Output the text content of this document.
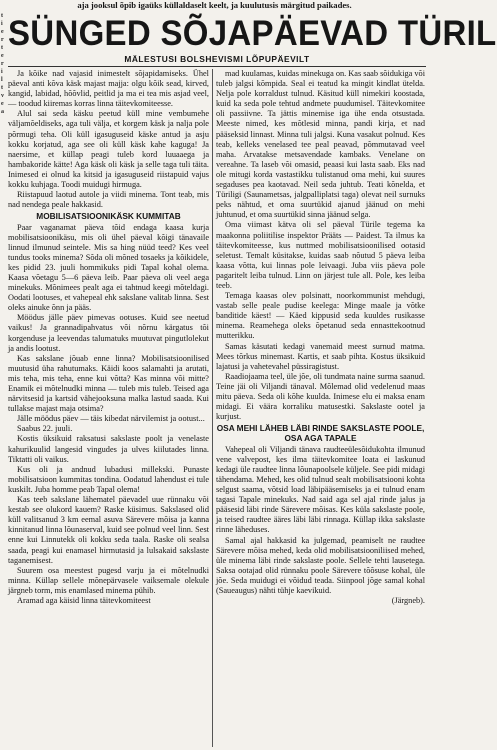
aja jooksul õpib igaüks küllaldaselt keelt, ja kuulutusis märgitud paikades.
t
i
e
r
t
e
r
i
l
t
v
e
a
SÜNGED SÕJAPÄEVAD TÜRIL
MÄLESTUSI BOLSHEVISMI LÕPUPÄEVILT

Ja kõike nad vajasid inimestelt sõjapidamiseks. Ühel päeval anti kõva käsk majast majja: olgu kõik sead, kirved, kangid, labidad, hõõvlid, peitlid ja ma ei tea mis asjad veel, — toodud kiiremas korras linna täitevkomiteesse.

Alul sai seda käsku peetud küll mine vembumehe väljamõeldiseks, aga tuli välja, et korgem käsk ja nalja pole põrmugi teha. Oli küll igasuguseid käske antud ja asju kokku korjatud, aga see oli küll käsk kahe kaguga! Ja naersime, et küllap peagi tuleb kord luuaaega ja hambakoride kätte! Aga käsk oli käsk ja selle taga tuli täita. Inimesed ei olnud ka kitsid ja igasuguseid riistapuid vajus kokku kuhjaga. Toodi muidugi hirmuga.

Riistapuud laotud autole ja viidi minema. Tont teab, mis nad nendega peale hakkasid.

MOBILISATSIOONIKÄSK KUMMITAB

Paar vaganamat päeva tõid endaga kaasa kurja mobilisatsioonikäsu, mis oli ühel päeval kõigi tänavaile linnud ilmunud seintele. Mis sa hing nüüd teed? Kes veel tundus tooks minema? Sõda oli mõned tosaeks ja kõikidele, kes pidid 23. juuli hommikuks pidi Tapal kohal olema. Kaasa võetagu 5—6 päeva leib. Paar päeva oli veel aega minekuks. Mõnimees pealt aga ei tahtnud keegi mõteldagi. Oodati lootuses, et vahepeal ehk sakslane valitab linna. Sest oleks ainuke õnn ja pääs.

Möödus jälle päev pimevas ootuses. Kuid see neetud vaikus! Ja grannadipahvatus või nõrnu kärgatus tõi korgenduse ja leevendas talumatuks muutuvat pingutlolekut ja andis lootust.

Kas sakslane jõuab enne linna? Mobilisatsioonilised muutusid üha rahutumaks. Käidi koos salamahti ja arutati, mis teha, mis teha, enne kui võtta? Kas minna või mitte? Enamik ei mõtelnudki minna — tuleb mis tuleb. Teised aga närvitsesid ja kartsid vähejooksuna malka lastud saada. Kui tullakse majast maja otsima?

Jälle möödus päev — täis kibedat närvilemist ja ootust...

Saabus 22. juuli.

Kostis üksikuid raksatusi sakslaste poolt ja venelaste kahurikuulid langesid vingudes ja ulves kiilutades linna. Tiktatti oli vaikus.

Kus oli ja andnud lubadusi millekski. Punaste mobilisatsioon kummitas tondina. Oodatud lahendust ei tule kuskilt. Juba homme peab Tapal olema!

Kas teeb sakslane lähematel päevadel uue rünnaku või kestab see olukord kauem? Raske küsimus. Sakslased olid küll valitsanud 3 km eemal asuva Särevere mõisa ja kanna kinnitanud linna lõunaserval, kuid see polnud veel linn. Sest enne kui Linnutekk oli kokku seda taala. Raske oli sealsa saada, peagi kui enamasel hirmutasid ja lulsakaid sakslaste taganemisest.

Suurem osa meestest pugesd varju ja ei mõtelnudki minna. Küllap sellele mõnepärvasele vaiksemale olekule järgneb torm, mis enamlased minema pühib.

Aramad aga käisid linna täitevkomiteest

mad kuulamas, kuidas minekuga on. Kas saab sõidukiga või tuleb jalgsi kõmpida. Seal ei teatud ka mingit kindlat ütelda. Nelja pole korraldust tulnud. Käsitud küll nimekiri koostada, kuid ka seda pole tehtud andmete puudumisel. Täitevkomitee oli passiivne. Ta jättis minemise iga ühe enda otsustada. Meeste nimed, kes mõtlesid minna, pandi kirja, et nad pääseksid linnast. Minna tuli jalgsi. Kuna vasakut polnud. Kes teab, kelleks venelased tee peal peavad, põmmutavad veel maha. Arvatakse metsavendade kambaks. Venelane on vereahne. Ta laseb või omasid, peaasi kui lasta saab. Eks nad ole mitugi korda vastastikku tulistanud oma mehi, kui suures segaduses pea kaotavad. Neil seda juhtub. Teati kõnelda, et Türiligi (Saunametsas, jalgpalliplatsi taga) olevat neil surnuks peks nähtud, et oma suurtükid ajanud jäänud on mehi juhtunud, et oma suurtükid sinna jäänud selga.

Oma viimast kätva oli sel päeval Türile tegema ka maakonna poliitilise inspektor Prääts — Paidest. Ta ilmus ka täitevkomiteesse, kus nuttmed mobilisatsioonilised ootasid seletust. Temalt küsitakse, kuidas saab nõutud 5 päeva leiba kaasa võtta, kui linnas pole leivaagi. Juba viis päeva pole pagaritelt leiba tulnud. Linn on järjest tule all. Pole, kes leiba teeb.

Temaga kaasas olev polsinatt, noorkommunist mehdugi, vastab selle peale pudise keelega: Minge maale ja võtke banditide käest! — Käed kippusid seda kuuldes rusikasse minema. Reamehega oleks õpetanud seda ennasttekootnud mutterikku.

Samas käsutati kedagi vanemaid meest surnud matma. Mees tõrkus minemast. Kartis, et saab pihta. Kostus üksikuid lajatusi ja vahetevahel püssiragistust.

Raadiojaama teel, üle jõe, oli tundmata naine surma saanud. Teine jäi oli Viljandi tänaval. Mõlemad olid vedelenud maas mitu päeva. Seda oli kõhe kuulda. Inimese elu ei maksa enam midagi. Ei väära korraliku matusestki. Sakslaste ootel ja kurjust.

OSA MEHI LÄHEB LÄBI RINDE SAKSLASTE POOLE, OSA AGA TAPALE

Vahepeal oli Viljandi tänava raudteeülesõidukohta ilmunud vene valvepost, kes ilma täitevkomitee loata ei laskunud kedagi üle raudtee linna lõunapoolsele küljele. See pidi midagi tähendama. Mehed, kes olid tulnud sealt mobilisatsiooni kohta selgust saama, võtsid load läbipääsemiseks ja ei tulnud enam tagasi Tapale minekuks. Nad said aga sel ajal rinde jalus ja pääsesid läbi rinde Särevere mõisas. Kes küla sakslaste poole, ja teised raudtee ääres läbi läbi rinnaga. Küllap ikka sakslaste rinne läheduses.

Samal ajal hakkasid ka julgemad, peamiselt ne raudtee Särevere mõisa mehed, keda olid mobilisatsiooniliised mehed, üle minema läbi rinde sakslaste poole. Sellele tehti lausetega. Saksa ootajad olid rünnaku poole Särevere tõõsuse kohal, üle jõe. Seda muidugi ei võidud teada. Siinpool jõge samal kohal (Saueaugus) nähti tühje kaevikuid.

(Järgneb).
